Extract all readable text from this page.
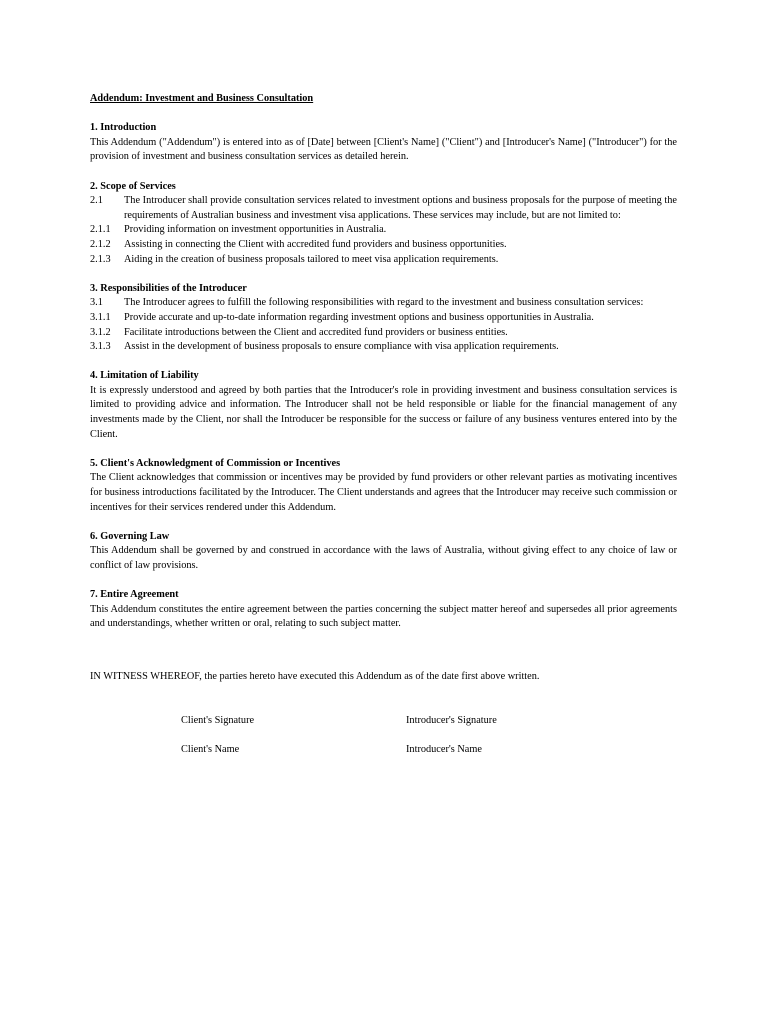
Addendum: Investment and Business Consultation
1. Introduction

This Addendum ("Addendum") is entered into as of [Date] between [Client's Name] ("Client") and [Introducer's Name] ("Introducer") for the provision of investment and business consultation services as detailed herein.

2. Scope of Services
2.1	The Introducer shall provide consultation services related to investment options and business proposals for the purpose of meeting the requirements of Australian business and investment visa applications. These services may include, but are not limited to:
2.1.1	Providing information on investment opportunities in Australia.
2.1.2	Assisting in connecting the Client with accredited fund providers and business opportunities.
2.1.3	Aiding in the creation of business proposals tailored to meet visa application requirements.
3. Responsibilities of the Introducer
3.1	The Introducer agrees to fulfill the following responsibilities with regard to the investment and business consultation services:
3.1.1	Provide accurate and up-to-date information regarding investment options and business opportunities in Australia.
3.1.2	Facilitate introductions between the Client and accredited fund providers or business entities.
3.1.3	Assist in the development of business proposals to ensure compliance with visa application requirements.
4. Limitation of Liability

It is expressly understood and agreed by both parties that the Introducer's role in providing investment and business consultation services is limited to providing advice and information. The Introducer shall not be held responsible or liable for the financial management of any investments made by the Client, nor shall the Introducer be responsible for the success or failure of any business ventures entered into by the Client.

5. Client's Acknowledgment of Commission or Incentives

The Client acknowledges that commission or incentives may be provided by fund providers or other relevant parties as motivating incentives for business introductions facilitated by the Introducer. The Client understands and agrees that the Introducer may receive such commission or incentives for their services rendered under this Addendum.

6. Governing Law

This Addendum shall be governed by and construed in accordance with the laws of Australia, without giving effect to any choice of law or conflict of law provisions.

7. Entire Agreement

This Addendum constitutes the entire agreement between the parties concerning the subject matter hereof and supersedes all prior agreements and understandings, whether written or oral, relating to such subject matter.

IN WITNESS WHEREOF, the parties hereto have executed this Addendum as of the date first above written.
Client's Signature	Introducer's Signature
Client's Name	Introducer's Name
